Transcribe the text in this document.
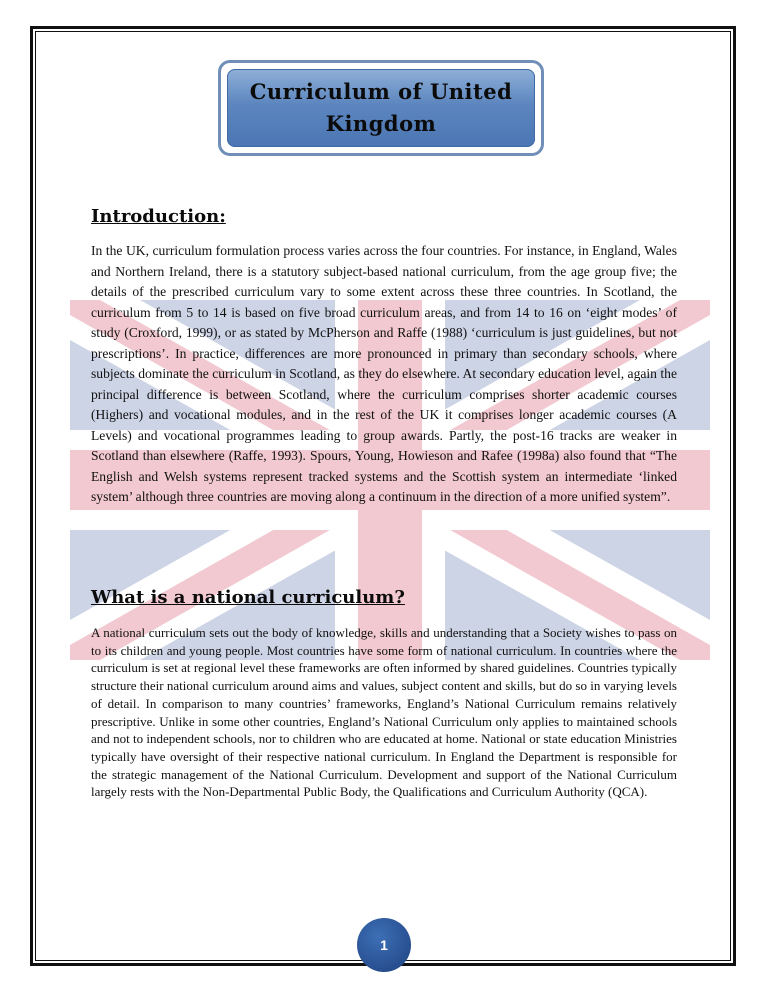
Curriculum of United
Kingdom
Introduction:

In the UK, curriculum formulation process varies across the four countries. For instance, in England, Wales and Northern Ireland, there is a statutory subject-based national curriculum, from the age group five; the details of the prescribed curriculum vary to some extent across these three countries. In Scotland, the curriculum from 5 to 14 is based on five broad curriculum areas, and from 14 to 16 on ‘eight modes’ of study (Croxford, 1999), or as stated by McPherson and Raffe (1988) ‘curriculum is just guidelines, but not prescriptions’. In practice, differences are more pronounced in primary than secondary schools, where subjects dominate the curriculum in Scotland, as they do elsewhere. At secondary education level, again the principal difference is between Scotland, where the curriculum comprises shorter academic courses (Highers) and vocational modules, and in the rest of the UK it comprises longer academic courses (A Levels) and vocational programmes leading to group awards. Partly, the post-16 tracks are weaker in Scotland than elsewhere (Raffe, 1993). Spours, Young, Howieson and Rafee (1998a) also found that “The English and Welsh systems represent tracked systems and the Scottish system an intermediate ‘linked system’ although three countries are moving along a continuum in the direction of a more unified system”.

What is a national curriculum?

A national curriculum sets out the body of knowledge, skills and understanding that a Society wishes to pass on to its children and young people. Most countries have some form of national curriculum. In countries where the curriculum is set at regional level these frameworks are often informed by shared guidelines. Countries typically structure their national curriculum around aims and values, subject content and skills, but do so in varying levels of detail. In comparison to many countries’ frameworks, England’s National Curriculum remains relatively prescriptive. Unlike in some other countries, England’s National Curriculum only applies to maintained schools and not to independent schools, nor to children who are educated at home. National or state education Ministries typically have oversight of their respective national curriculum. In England the Department is responsible for the strategic management of the National Curriculum. Development and support of the National Curriculum largely rests with the Non-Departmental Public Body, the Qualifications and Curriculum Authority (QCA).

1
